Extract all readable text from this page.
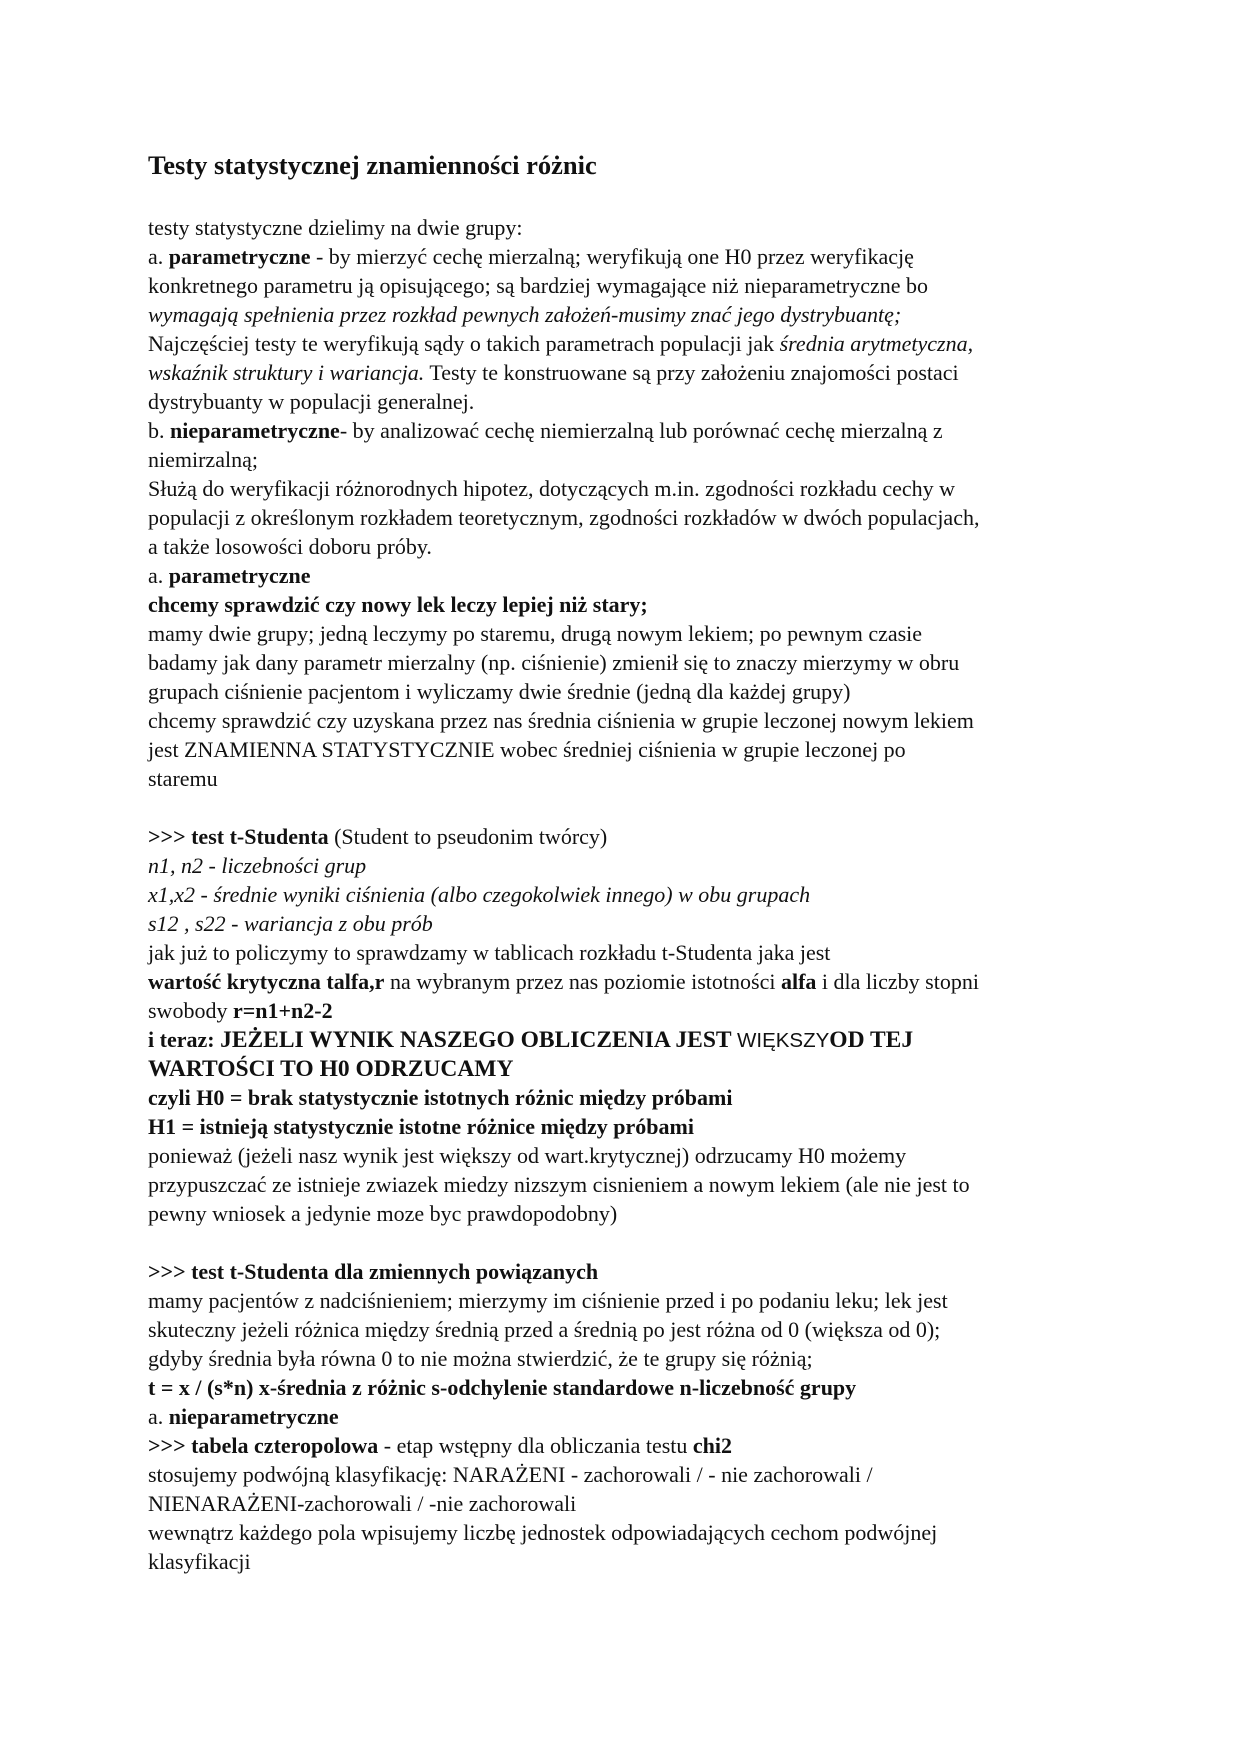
Testy statystycznej znamienności różnic
testy statystyczne dzielimy na dwie grupy:
a. parametryczne - by mierzyć cechę mierzalną; weryfikują one H0 przez weryfikację
konkretnego parametru ją opisującego; są bardziej wymagające niż nieparametryczne bo
wymagają spełnienia przez rozkład pewnych założeń-musimy znać jego dystrybuantę;
Najczęściej testy te weryfikują sądy o takich parametrach populacji jak średnia arytmetyczna,
wskaźnik struktury i wariancja. Testy te konstruowane są przy założeniu znajomości postaci
dystrybuanty w populacji generalnej.
b. nieparametryczne- by analizować cechę niemierzalną lub porównać cechę mierzalną z
niemirzalną;
Służą do weryfikacji różnorodnych hipotez, dotyczących m.in. zgodności rozkładu cechy w
populacji z określonym rozkładem teoretycznym, zgodności rozkładów w dwóch populacjach,
a także losowości doboru próby.
a. parametryczne
chcemy sprawdzić czy nowy lek leczy lepiej niż stary;
mamy dwie grupy; jedną leczymy po staremu, drugą nowym lekiem; po pewnym czasie
badamy jak dany parametr mierzalny (np. ciśnienie) zmienił się to znaczy mierzymy w obru
grupach ciśnienie pacjentom i wyliczamy dwie średnie (jedną dla każdej grupy)
chcemy sprawdzić czy uzyskana przez nas średnia ciśnienia w grupie leczonej nowym lekiem
jest ZNAMIENNA STATYSTYCZNIE wobec średniej ciśnienia w grupie leczonej po
staremu
>>> test t-Studenta (Student to pseudonim twórcy)
n1, n2 - liczebności grup
x1,x2 - średnie wyniki ciśnienia (albo czegokolwiek innego) w obu grupach
s12 , s22 - wariancja z obu prób
jak już to policzymy to sprawdzamy w tablicach rozkładu t-Studenta jaka jest
wartość krytyczna talfa,r na wybranym przez nas poziomie istotności alfa i dla liczby stopni
swobody r=n1+n2-2
i teraz: JEŻELI WYNIK NASZEGO OBLICZENIA JEST WIĘKSZYOD TEJ
WARTOŚCI TO H0 ODRZUCAMY
czyli H0 = brak statystycznie istotnych różnic między próbami
H1 = istnieją statystycznie istotne różnice między próbami
ponieważ (jeżeli nasz wynik jest większy od wart.krytycznej) odrzucamy H0 możemy
przypuszczać ze istnieje zwiazek miedzy nizszym cisnieniem a nowym lekiem (ale nie jest to
pewny wniosek a jedynie moze byc prawdopodobny)
>>> test t-Studenta dla zmiennych powiązanych
mamy pacjentów z nadciśnieniem; mierzymy im ciśnienie przed i po podaniu leku; lek jest
skuteczny jeżeli różnica między średnią przed a średnią po jest różna od 0 (większa od 0);
gdyby średnia była równa 0 to nie można stwierdzić, że te grupy się różnią;
t = x / (s*n) x-średnia z różnic s-odchylenie standardowe n-liczebność grupy
a. nieparametryczne
>>> tabela czteropolowa - etap wstępny dla obliczania testu chi2
stosujemy podwójną klasyfikację: NARAŻENI - zachorowali / - nie zachorowali /
NIENARAŻENI-zachorowali / -nie zachorowali
wewnątrz każdego pola wpisujemy liczbę jednostek odpowiadających cechom podwójnej
klasyfikacji
